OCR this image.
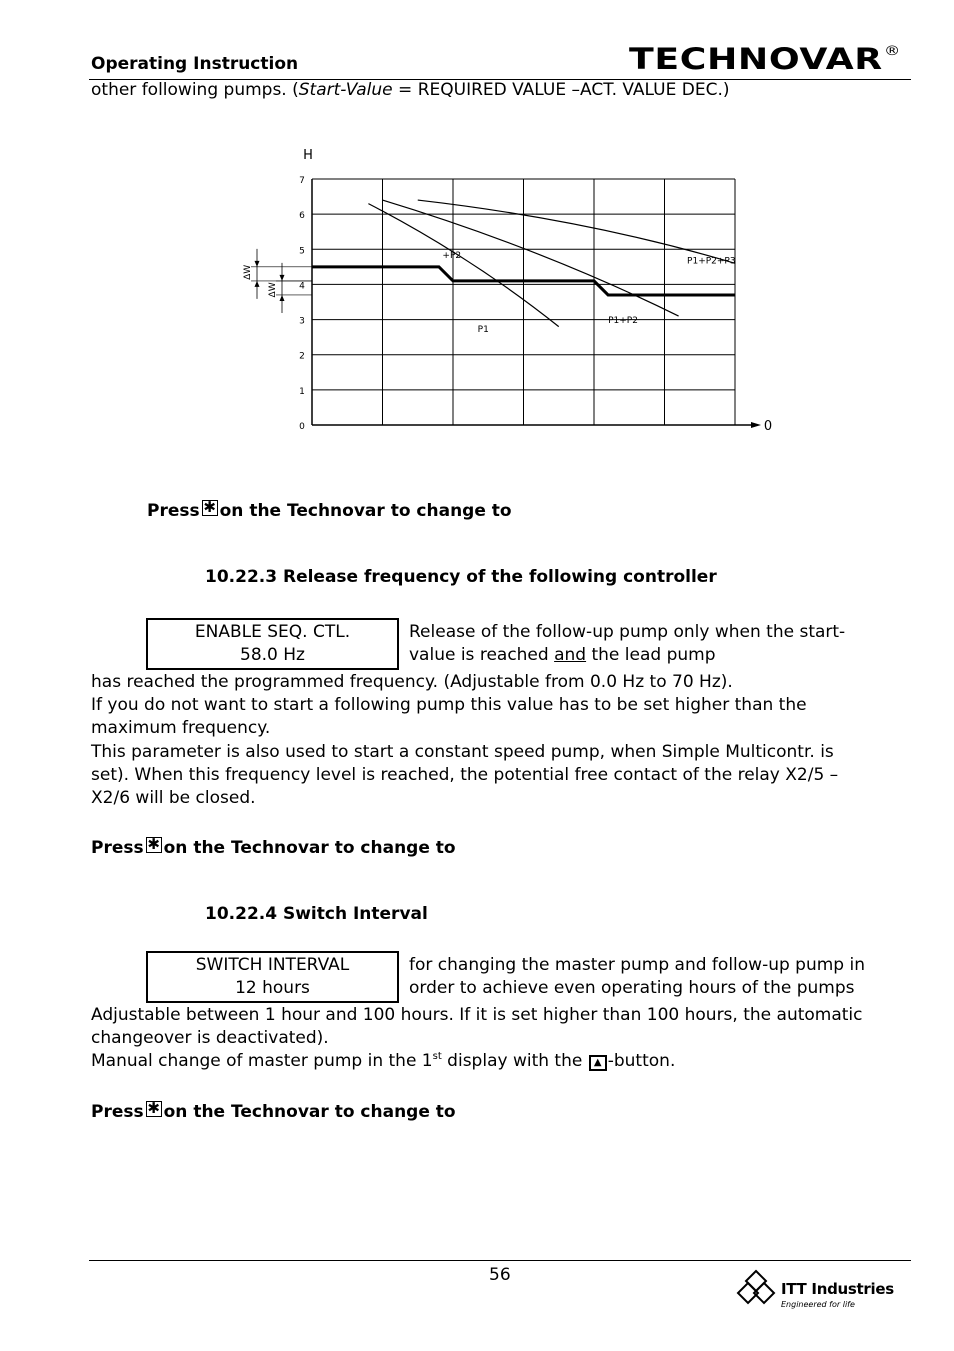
Operating Instruction	TECHNOVAR®
other following pumps. (Start-Value = REQUIRED VALUE –ACT. VALUE DEC.)
0
1
2
3
4
5
6
7
H
0
+P2
P1
P1+P2
P1+P2+P3
ΔW
ΔW
Press ✱ on the Technovar to change to
10.22.3 Release frequency of the following controller
ENABLE SEQ. CTL.
58.0 Hz
Release of the follow-up pump only when the start-
value is reached and the lead pump
has reached the programmed frequency. (Adjustable from 0.0 Hz to 70 Hz).
If you do not want to start a following pump this value has to be set higher than the
maximum frequency.
This parameter is also used to start a constant speed pump, when Simple Multicontr. is
set). When this frequency level is reached, the potential free contact of the relay X2/5 –
X2/6 will be closed.
Press ✱ on the Technovar to change to
10.22.4 Switch Interval
SWITCH INTERVAL
12 hours
for changing the master pump and follow-up pump in
order to achieve even operating hours of the pumps
Adjustable between 1 hour and 100 hours. If it is set higher than 100 hours, the automatic
changeover is deactivated).
Manual change of master pump in the 1st display with the ▲ -button.
Press ✱ on the Technovar to change to
56
ITT Industries
Engineered for life
